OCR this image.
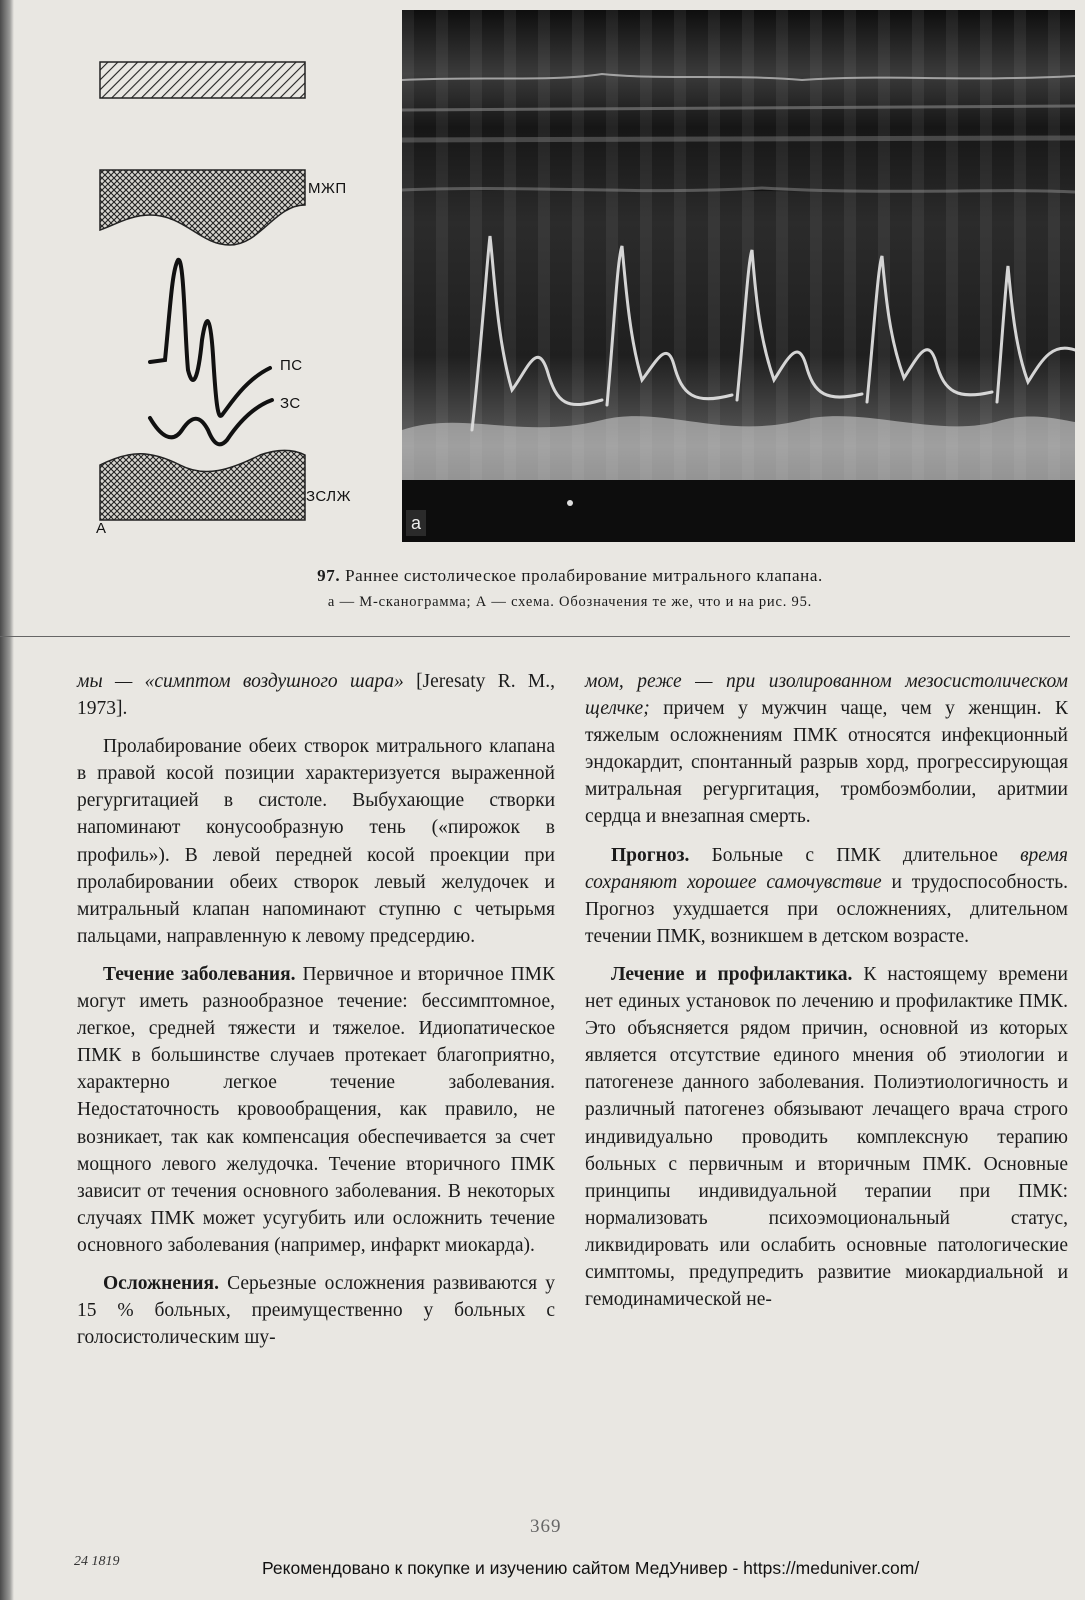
МЖП
ПС
ЗС
ЗСЛЖ
А	а
97. Раннее систолическое пролабирование митрального клапана.
а — М-сканограмма; А — схема. Обозначения те же, что и на рис. 95.

мы — «симптом воздушного шара» [Jeresaty R. M., 1973].

Пролабирование обеих створок митрального клапана в правой косой позиции характеризуется выраженной регургитацией в систоле. Выбухающие створки напоминают конусообразную тень («пирожок в профиль»). В левой передней косой проекции при пролабировании обеих створок левый желудочек и митральный клапан напоминают ступню с четырьмя пальцами, направленную к левому предсердию.

Течение заболевания. Первичное и вторичное ПМК могут иметь разнообразное течение: бессимптомное, легкое, средней тяжести и тяжелое. Идиопатическое ПМК в большинстве случаев протекает благоприятно, характерно легкое течение заболевания. Недостаточность кровообращения, как правило, не возникает, так как компенсация обеспечивается за счет мощного левого желудочка. Течение вторичного ПМК зависит от течения основного заболевания. В некоторых случаях ПМК может усугубить или осложнить течение основного заболевания (например, инфаркт миокарда).

Осложнения. Серьезные осложнения развиваются у 15 % больных, преимущественно у больных с голосистолическим шу-

мом, реже — при изолированном мезосистолическом щелчке; причем у мужчин чаще, чем у женщин. К тяжелым осложнениям ПМК относятся инфекционный эндокардит, спонтанный разрыв хорд, прогрессирующая митральная регургитация, тромбоэмболии, аритмии сердца и внезапная смерть.

Прогноз. Больные с ПМК длительное время сохраняют хорошее самочувствие и трудоспособность. Прогноз ухудшается при осложнениях, длительном течении ПМК, возникшем в детском возрасте.

Лечение и профилактика. К настоящему времени нет единых установок по лечению и профилактике ПМК. Это объясняется рядом причин, основной из которых является отсутствие единого мнения об этиологии и патогенезе данного заболевания. Полиэтиологичность и различный патогенез обязывают лечащего врача строго индивидуально проводить комплексную терапию больных с первичным и вторичным ПМК. Основные принципы индивидуальной терапии при ПМК: нормализовать психоэмоциональный статус, ликвидировать или ослабить основные патологические симптомы, предупредить развитие миокардиальной и гемодинамической не-

369
24 1819	Рекомендовано к покупке и изучению сайтом МедУнивер - https://meduniver.com/
